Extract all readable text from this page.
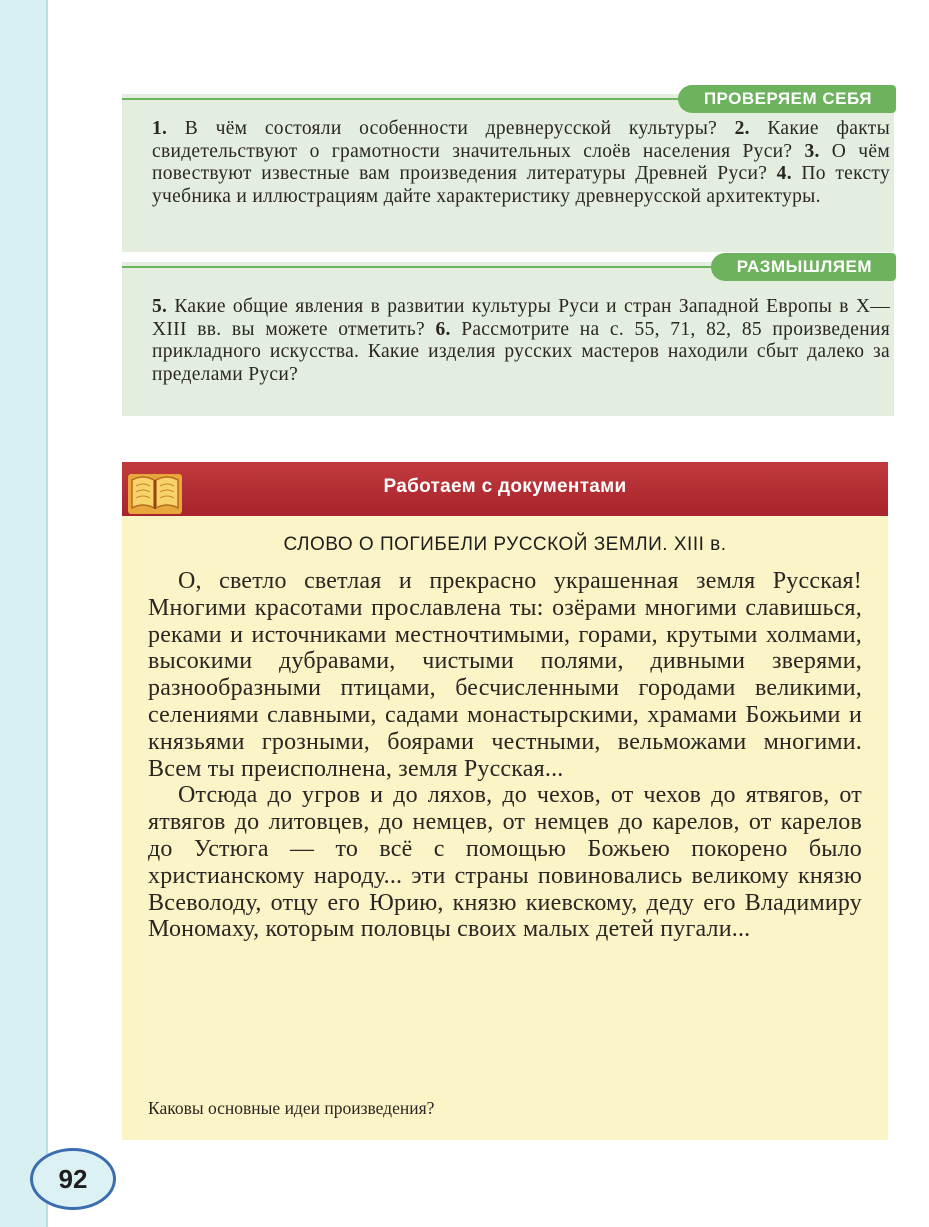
ПРОВЕРЯЕМ СЕБЯ

1. В чём состояли особенности древнерусской культуры? 2. Какие факты свидетельствуют о грамотности значительных слоёв населения Руси? 3. О чём повествуют известные вам произведения литературы Древней Руси? 4. По тексту учебника и иллюстрациям дайте характеристику древнерусской архитектуры.

РАЗМЫШЛЯЕМ

5. Какие общие явления в развитии культуры Руси и стран Западной Европы в X—XIII вв. вы можете отметить? 6. Рассмотрите на с. 55, 71, 82, 85 произведения прикладного искусства. Какие изделия русских мастеров находили сбыт далеко за пределами Руси?

Работаем с документами
СЛОВО О ПОГИБЕЛИ РУССКОЙ ЗЕМЛИ. XIII в.

О, светло светлая и прекрасно украшенная земля Русская! Многими красотами прославлена ты: озёрами многими славишься, реками и источниками местночтимыми, горами, крутыми холмами, высокими дубравами, чистыми полями, дивными зверями, разнообразными птицами, бесчисленными городами великими, селениями славными, садами монастырскими, храмами Божьими и князьями грозными, боярами честными, вельможами многими. Всем ты преисполнена, земля Русская...

Отсюда до угров и до ляхов, до чехов, от чехов до ятвягов, от ятвягов до литовцев, до немцев, от немцев до карелов, от карелов до Устюга — то всё с помощью Божьею покорено было христианскому народу... эти страны повиновались великому князю Всеволоду, отцу его Юрию, князю киевскому, деду его Владимиру Мономаху, которым половцы своих малых детей пугали...

Каковы основные идеи произведения?
92
